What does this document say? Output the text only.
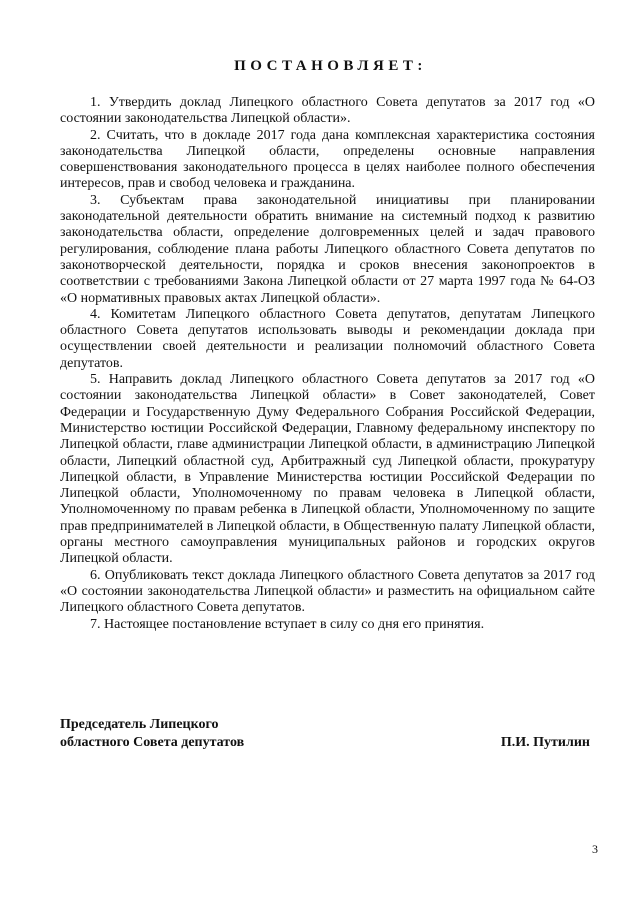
ПОСТАНОВЛЯЕТ:

1. Утвердить доклад Липецкого областного Совета депутатов за 2017 год «О состоянии законодательства Липецкой области».

2. Считать, что в докладе 2017 года дана комплексная характеристика состояния законодательства Липецкой области, определены основные направления совершенствования законодательного процесса в целях наиболее полного обеспечения интересов, прав и свобод человека и гражданина.

3. Субъектам права законодательной инициативы при планировании законодательной деятельности обратить внимание на системный подход к развитию законодательства области, определение долговременных целей и задач правового регулирования, соблюдение плана работы Липецкого областного Совета депутатов по законотворческой деятельности, порядка и сроков внесения законопроектов в соответствии с требованиями Закона Липецкой области от 27 марта 1997 года № 64-ОЗ «О нормативных правовых актах Липецкой области».

4. Комитетам Липецкого областного Совета депутатов, депутатам Липецкого областного Совета депутатов использовать выводы и рекомендации доклада при осуществлении своей деятельности и реализации полномочий областного Совета депутатов.

5. Направить доклад Липецкого областного Совета депутатов за 2017 год «О состоянии законодательства Липецкой области» в Совет законодателей, Совет Федерации и Государственную Думу Федерального Собрания Российской Федерации, Министерство юстиции Российской Федерации, Главному федеральному инспектору по Липецкой области, главе администрации Липецкой области, в администрацию Липецкой области, Липецкий областной суд, Арбитражный суд Липецкой области, прокуратуру Липецкой области, в Управление Министерства юстиции Российской Федерации по Липецкой области, Уполномоченному по правам человека в Липецкой области, Уполномоченному по правам ребенка в Липецкой области, Уполномоченному по защите прав предпринимателей в Липецкой области, в Общественную палату Липецкой области, органы местного самоуправления муниципальных районов и городских округов Липецкой области.

6. Опубликовать текст доклада Липецкого областного Совета депутатов за 2017 год «О состоянии законодательства Липецкой области» и разместить на официальном сайте Липецкого областного Совета депутатов.

7. Настоящее постановление вступает в силу со дня его принятия.

Председатель Липецкого
областного Совета депутатов	П.И. Путилин
3
